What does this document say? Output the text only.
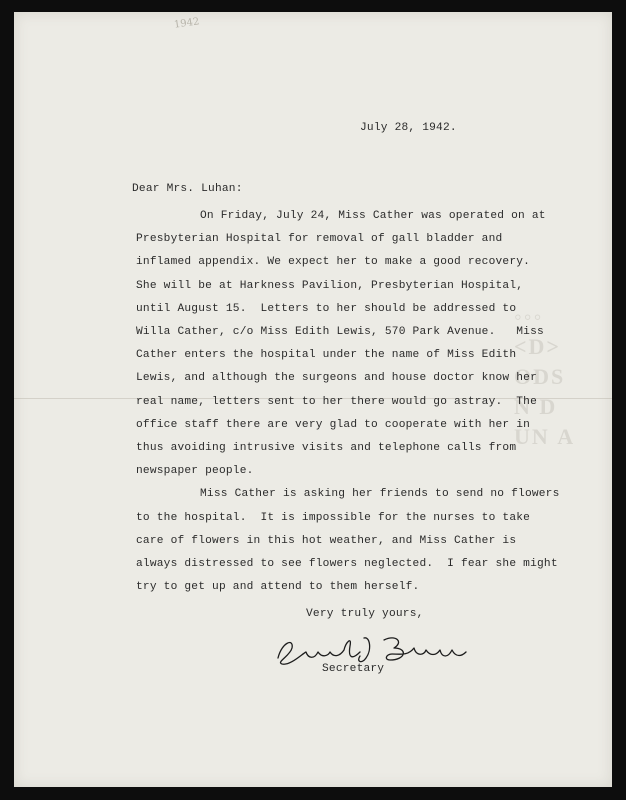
1942
◦◦◦
<D>
ODS
N D
UN A
July 28, 1942.
Dear Mrs. Luhan:
On Friday, July 24, Miss Cather was operated on at
Presbyterian Hospital for removal of gall bladder and
inflamed appendix. We expect her to make a good recovery.
She will be at Harkness Pavilion, Presbyterian Hospital,
until August 15.  Letters to her should be addressed to
Willa Cather, c/o Miss Edith Lewis, 570 Park Avenue.   Miss
Cather enters the hospital under the name of Miss Edith
Lewis, and although the surgeons and house doctor know her
real name, letters sent to her there would go astray.  The
office staff there are very glad to cooperate with her in
thus avoiding intrusive visits and telephone calls from
newspaper people.
Miss Cather is asking her friends to send no flowers
to the hospital.  It is impossible for the nurses to take
care of flowers in this hot weather, and Miss Cather is
always distressed to see flowers neglected.  I fear she might
try to get up and attend to them herself.
Very truly yours,
Secretary
